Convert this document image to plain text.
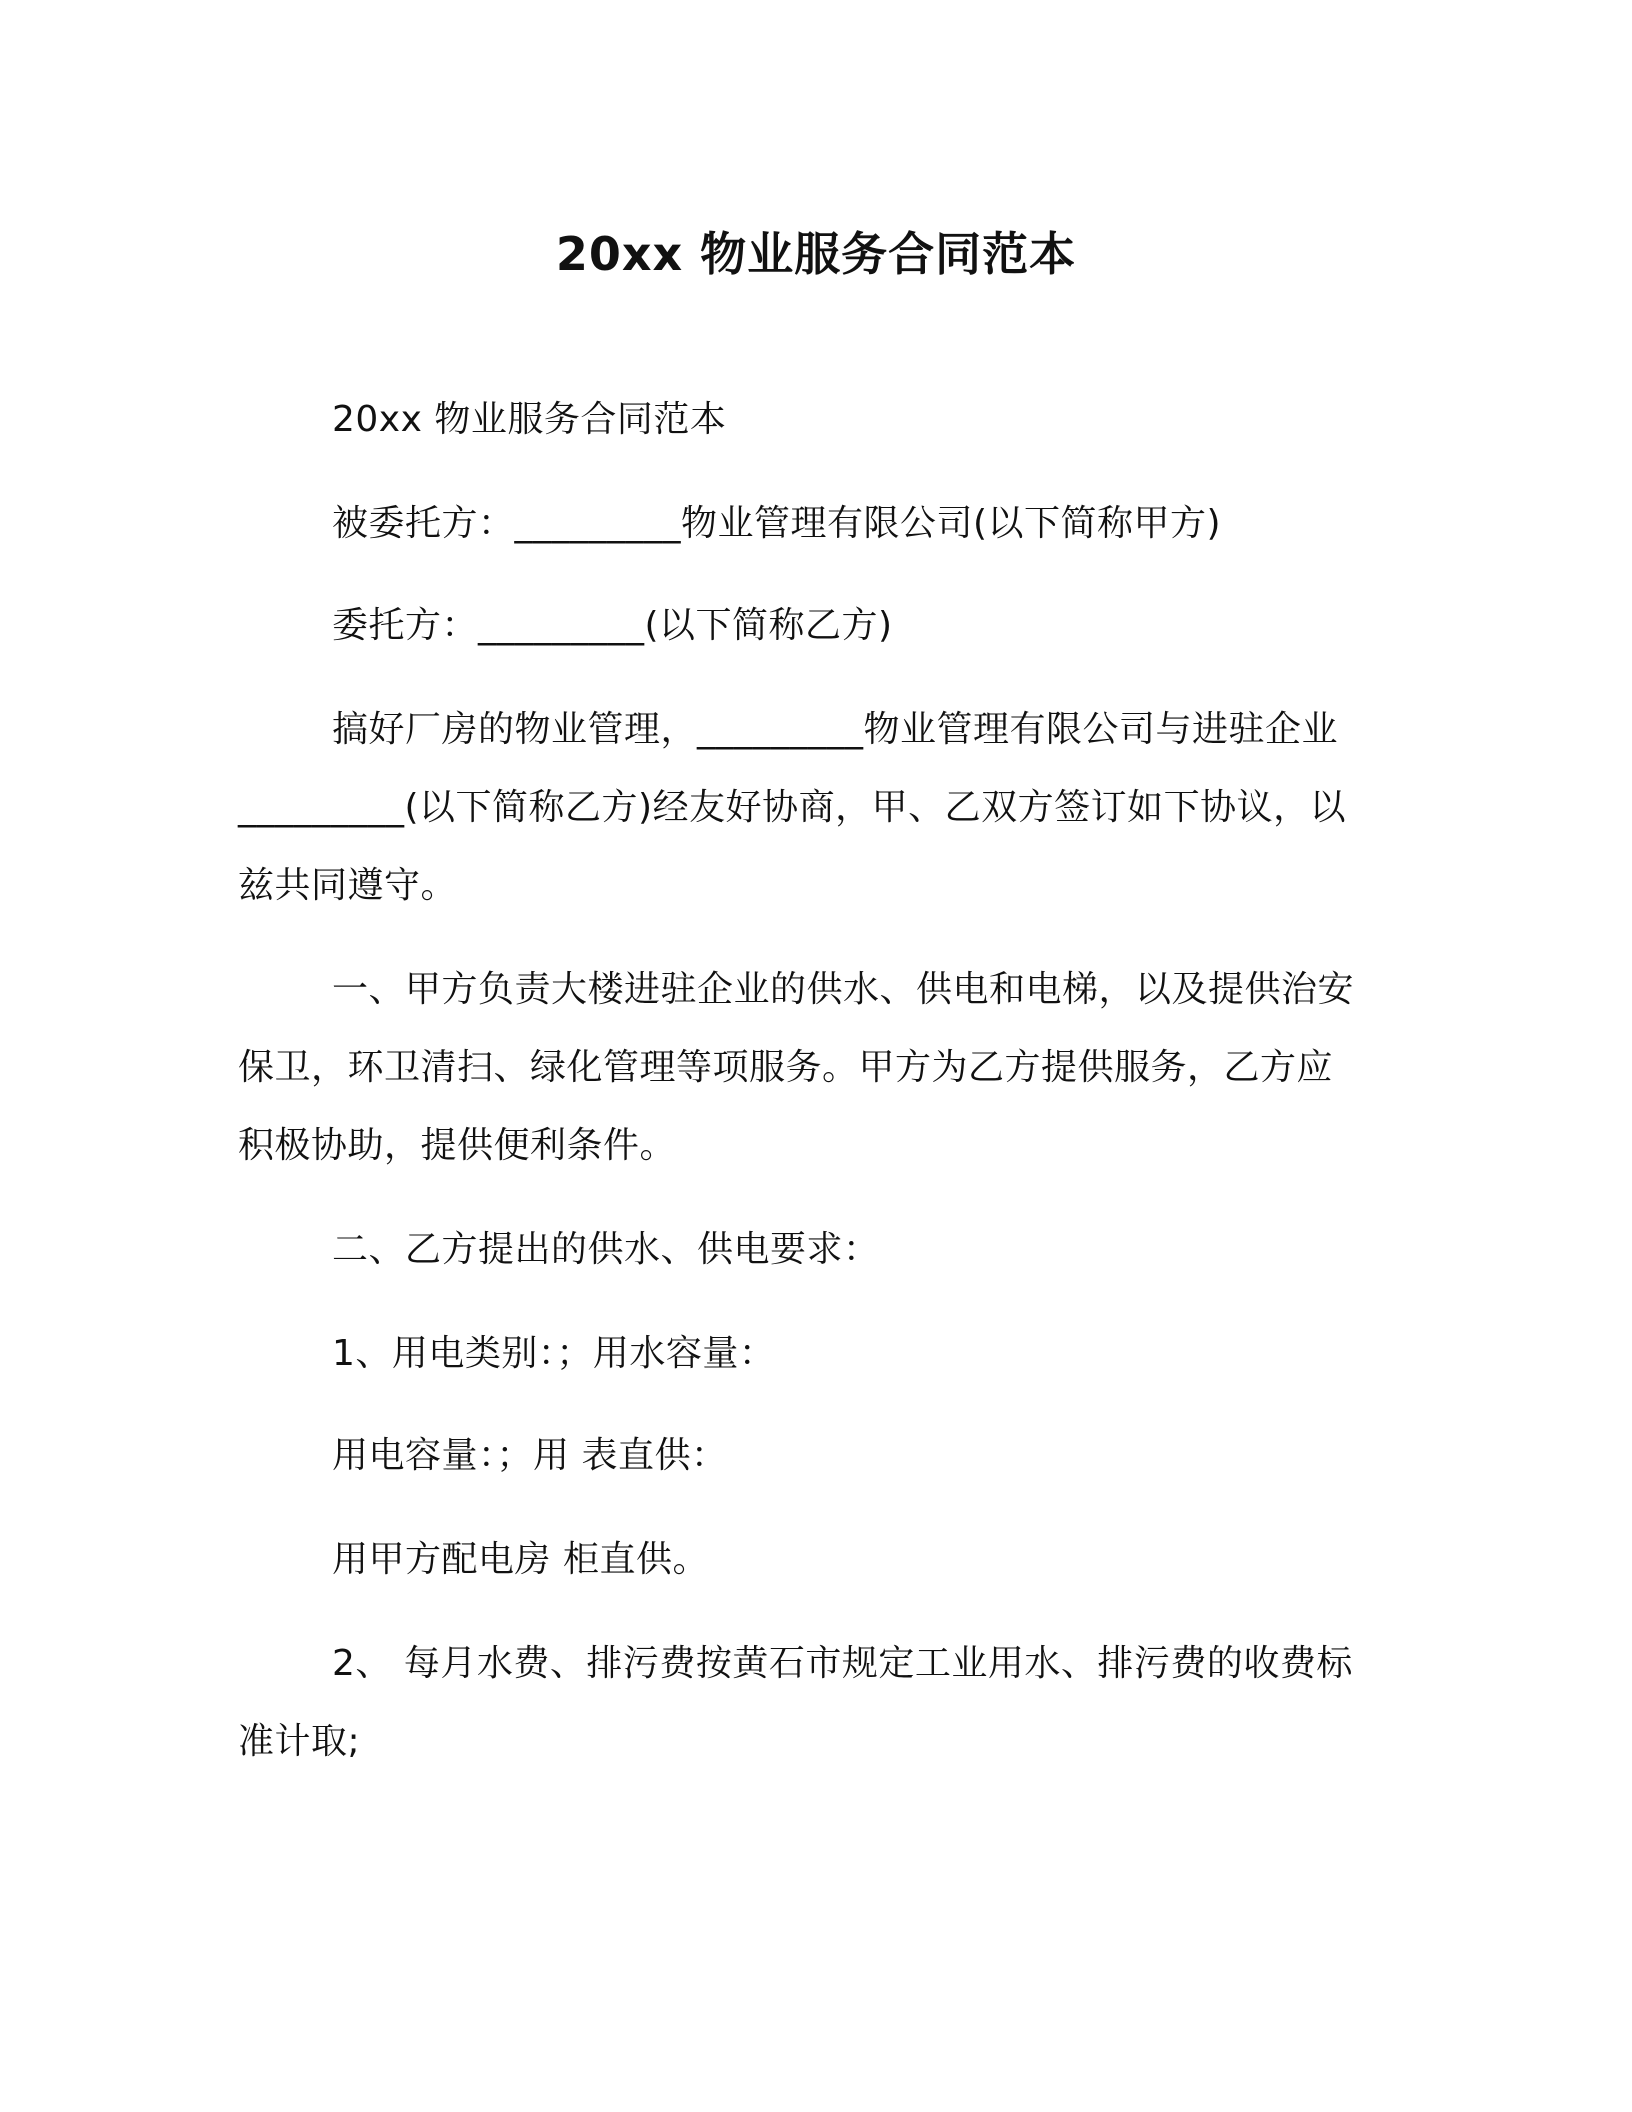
20xx 物业服务合同范本
20xx 物业服务合同范本
被委托方：_________物业管理有限公司(以下简称甲方)
委托方：_________(以下简称乙方)
搞好厂房的物业管理，_________物业管理有限公司与进驻企业
_________(以下简称乙方)经友好协商，甲、乙双方签订如下协议，以
兹共同遵守。
一、甲方负责大楼进驻企业的供水、供电和电梯，以及提供治安
保卫，环卫清扫、绿化管理等项服务。甲方为乙方提供服务，乙方应
积极协助，提供便利条件。
二、乙方提出的供水、供电要求：
1、用电类别：；用水容量：
用电容量：；用 表直供：
用甲方配电房 柜直供。
2、 每月水费、排污费按黄石市规定工业用水、排污费的收费标
准计取;
